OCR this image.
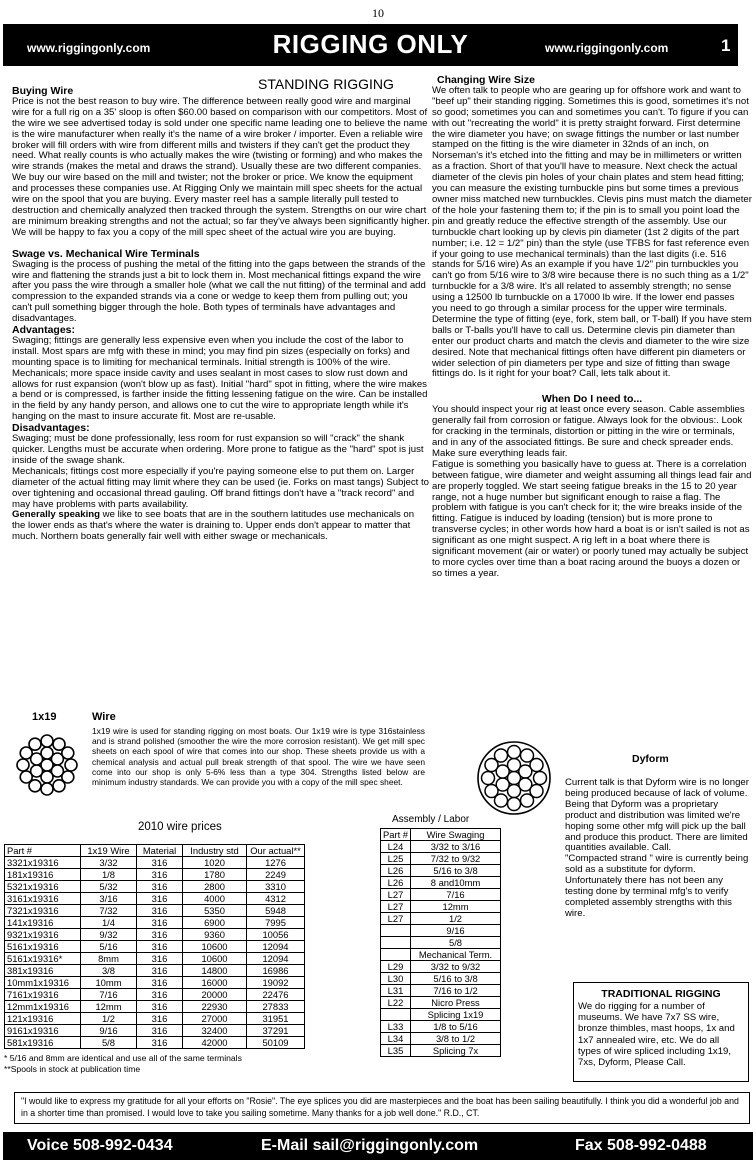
10
www.riggingonly.com	RIGGING ONLY	www.riggingonly.com	1
STANDING RIGGING

Buying Wire

Price is not the best reason to buy wire. The difference between really good wire and marginal wire for a full rig on a 35' sloop is often $60.00 based on comparison with our competitors. Most of the wire we see advertised today is sold under one specific name leading one to believe the name is the wire manufacturer when really it's the name of a wire broker / importer. Even a reliable wire broker will fill orders with wire from different mills and twisters if they can't get the product they need. What really counts is who actually makes the wire (twisting or forming) and who makes the wire strands (makes the metal and draws the strand). Usually these are two different companies. We buy our wire based on the mill and twister; not the broker or price. We know the equipment and processes these companies use. At Rigging Only we maintain mill spec sheets for the actual wire on the spool that you are buying. Every master reel has a sample literally pull tested to destruction and chemically analyzed then tracked through the system. Strengths on our wire chart are minimum breaking strengths and not the actual; so far they've always been significantly higher. We will be happy to fax you a copy of the mill spec sheet of the actual wire you are buying.

Swage vs. Mechanical Wire Terminals

Swaging is the process of pushing the metal of the fitting into the gaps between the strands of the wire and flattening the strands just a bit to lock them in. Most mechanical fittings expand the wire after you pass the wire through a smaller hole (what we call the nut fitting) of the terminal and add compression to the expanded strands via a cone or wedge to keep them from pulling out; you can't pull something bigger through the hole. Both types of terminals have advantages and disadvantages.

Advantages:

Swaging; fittings are generally less expensive even when you include the cost of the labor to install. Most spars are mfg with these in mind; you may find pin sizes (especially on forks) and mounting space is to limiting for mechanical terminals. Initial strength is 100% of the wire.

Mechanicals; more space inside cavity and uses sealant in most cases to slow rust down and allows for rust expansion (won't blow up as fast). Initial "hard" spot in fitting, where the wire makes a bend or is compressed, is farther inside the fitting lessening fatigue on the wire. Can be installed in the field by any handy person, and allows one to cut the wire to appropriate length while it's hanging on the mast to insure accurate fit. Most are re-usable.

Disadvantages:

Swaging; must be done professionally, less room for rust expansion so will "crack" the shank quicker. Lengths must be accurate when ordering. More prone to fatigue as the "hard" spot is just inside of the swage shank.

Mechanicals; fittings cost more especially if you're paying someone else to put them on. Larger diameter of the actual fitting may limit where they can be used (ie. Forks on mast tangs) Subject to over tightening and occasional thread gauling. Off brand fittings don't have a "track record" and may have problems with parts availability.

Generally speaking we like to see boats that are in the southern latitudes use mechanicals on the lower ends as that's where the water is draining to. Upper ends don't appear to matter that much. Northern boats generally fair well with either swage or mechanicals.

Changing Wire Size

We often talk to people who are gearing up for offshore work and want to "beef up" their standing rigging. Sometimes this is good, sometimes it's not so good; sometimes you can and sometimes you can't. To figure if you can with out "recreating the world" it is pretty straight forward. First determine the wire diameter you have; on swage fittings the number or last number stamped on the fitting is the wire diameter in 32nds of an inch, on Norseman's it's etched into the fitting and may be in millimeters or written as a fraction. Short of that you'll have to measure. Next check the actual diameter of the clevis pin holes of your chain plates and stem head fitting; you can measure the existing turnbuckle pins but some times a previous owner miss matched new turnbuckles. Clevis pins must match the diameter of the hole your fastening them to; if the pin is to small you point load the pin and greatly reduce the effective strength of the assembly. Use our turnbuckle chart looking up by clevis pin diameter (1st 2 digits of the part number; i.e. 12 = 1/2" pin) than the style (use TFBS for fast reference even if your going to use mechanical terminals) than the last digits (i.e. 516 stands for 5/16 wire) As an example if you have 1/2" pin turnbuckles you can't go from 5/16 wire to 3/8 wire because there is no such thing as a 1/2" turnbuckle for a 3/8 wire. It's all related to assembly strength; no sense using a 12500 lb turnbuckle on a 17000 lb wire. If the lower end passes you need to go through a similar process for the upper wire terminals. Determine the type of fitting (eye, fork, stem ball, or T-ball) If you have stem balls or T-balls you'll have to call us. Determine clevis pin diameter than enter our product charts and match the clevis and diameter to the wire size desired. Note that mechanical fittings often have different pin diameters or wider selection of pin diameters per type and size of fitting than swage fittings do. Is it right for your boat? Call, lets talk about it.

When Do I need to...

You should inspect your rig at least once every season. Cable assemblies generally fail from corrosion or fatigue. Always look for the obvious:. Look for cracking in the terminals, distortion or pitting in the wire or terminals, and in any of the associated fittings. Be sure and check spreader ends. Make sure everything leads fair.

Fatigue is something you basically have to guess at. There is a correlation between fatigue, wire diameter and weight assuming all things lead fair and are properly toggled. We start seeing fatigue breaks in the 15 to 20 year range, not a huge number but significant enough to raise a flag. The problem with fatigue is you can't check for it; the wire breaks inside of the fitting. Fatigue is induced by loading (tension) but is more prone to transverse cycles; in other words how hard a boat is or isn't sailed is not as significant as one might suspect. A rig left in a boat where there is significant movement (air or water) or poorly tuned may actually be subject to more cycles over time than a boat racing around the buoys a dozen or so times a year.

1x19	Wire
1x19 wire is used for standing rigging on most boats. Our 1x19 wire is type 316stainless and is strand polished (smoother the wire the more corrosion resistant). We get mill spec sheets on each spool of wire that comes into our shop. These sheets provide us with a chemical analysis and actual pull break strength of that spool. The wire we have seen come into our shop is only 5-6% less than a type 304. Strengths listed below are minimum industry standards. We can provide you with a copy of the mill spec sheet.
2010 wire prices
Part #	1x19 Wire	Material	Industry std	Our actual**
3321x19316	3/32	316	1020	1276
181x19316	1/8	316	1780	2249
5321x19316	5/32	316	2800	3310
3161x19316	3/16	316	4000	4312
7321x19316	7/32	316	5350	5948
141x19316	1/4	316	6900	7995
9321x19316	9/32	316	9360	10056
5161x19316	5/16	316	10600	12094
5161x19316*	8mm	316	10600	12094
381x19316	3/8	316	14800	16986
10mm1x19316	10mm	316	16000	19092
7161x19316	7/16	316	20000	22476
12mm1x19316	12mm	316	22930	27833
121x19316	1/2	316	27000	31951
9161x19316	9/16	316	32400	37291
581x19316	5/8	316	42000	50109

* 5/16 and 8mm are identical and use all of the same terminals

**Spools in stock at publication time

Assembly / Labor
Part #	Wire Swaging
L24	3/32 to 3/16
L25	7/32 to 9/32
L26	5/16 to 3/8
L26	8 and10mm
L27	7/16
L27	12mm
L27	1/2
	9/16
	5/8
	Mechanical Term.
L29	3/32 to 9/32
L30	5/16 to 3/8
L31	7/16 to 1/2
L22	Nicro Press
	Splicing 1x19
L33	1/8 to 5/16
L34	3/8 to 1/2
L35	Splicing 7x
Dyform

Current talk is that Dyform wire is no longer being produced because of lack of volume. Being that Dyform was a proprietary product and distribution was limited we're hoping some other mfg will pick up the ball and produce this product. There are limited quantities available. Call.

"Compacted strand " wire is currently being sold as a substitute for dyform. Unfortunately there has not been any testing done by terminal mfg's to verify completed assembly strengths with this wire.

TRADITIONAL RIGGING

We do rigging for a number of museums. We have 7x7 SS wire, bronze thimbles, mast hoops, 1x and 1x7 annealed wire, etc. We do all types of wire spliced including 1x19, 7xs, Dyform, Please Call.

"I would like to express my gratitude for all your efforts on "Rosie". The eye splices you did are masterpieces and the boat has been sailing beautifully. I think you did a wonderful job and in a shorter time than promised. I would love to take you sailing sometime. Many thanks for a job well done." R.D., CT.

Voice 508-992-0434	E-Mail sail@riggingonly.com	Fax 508-992-0488
